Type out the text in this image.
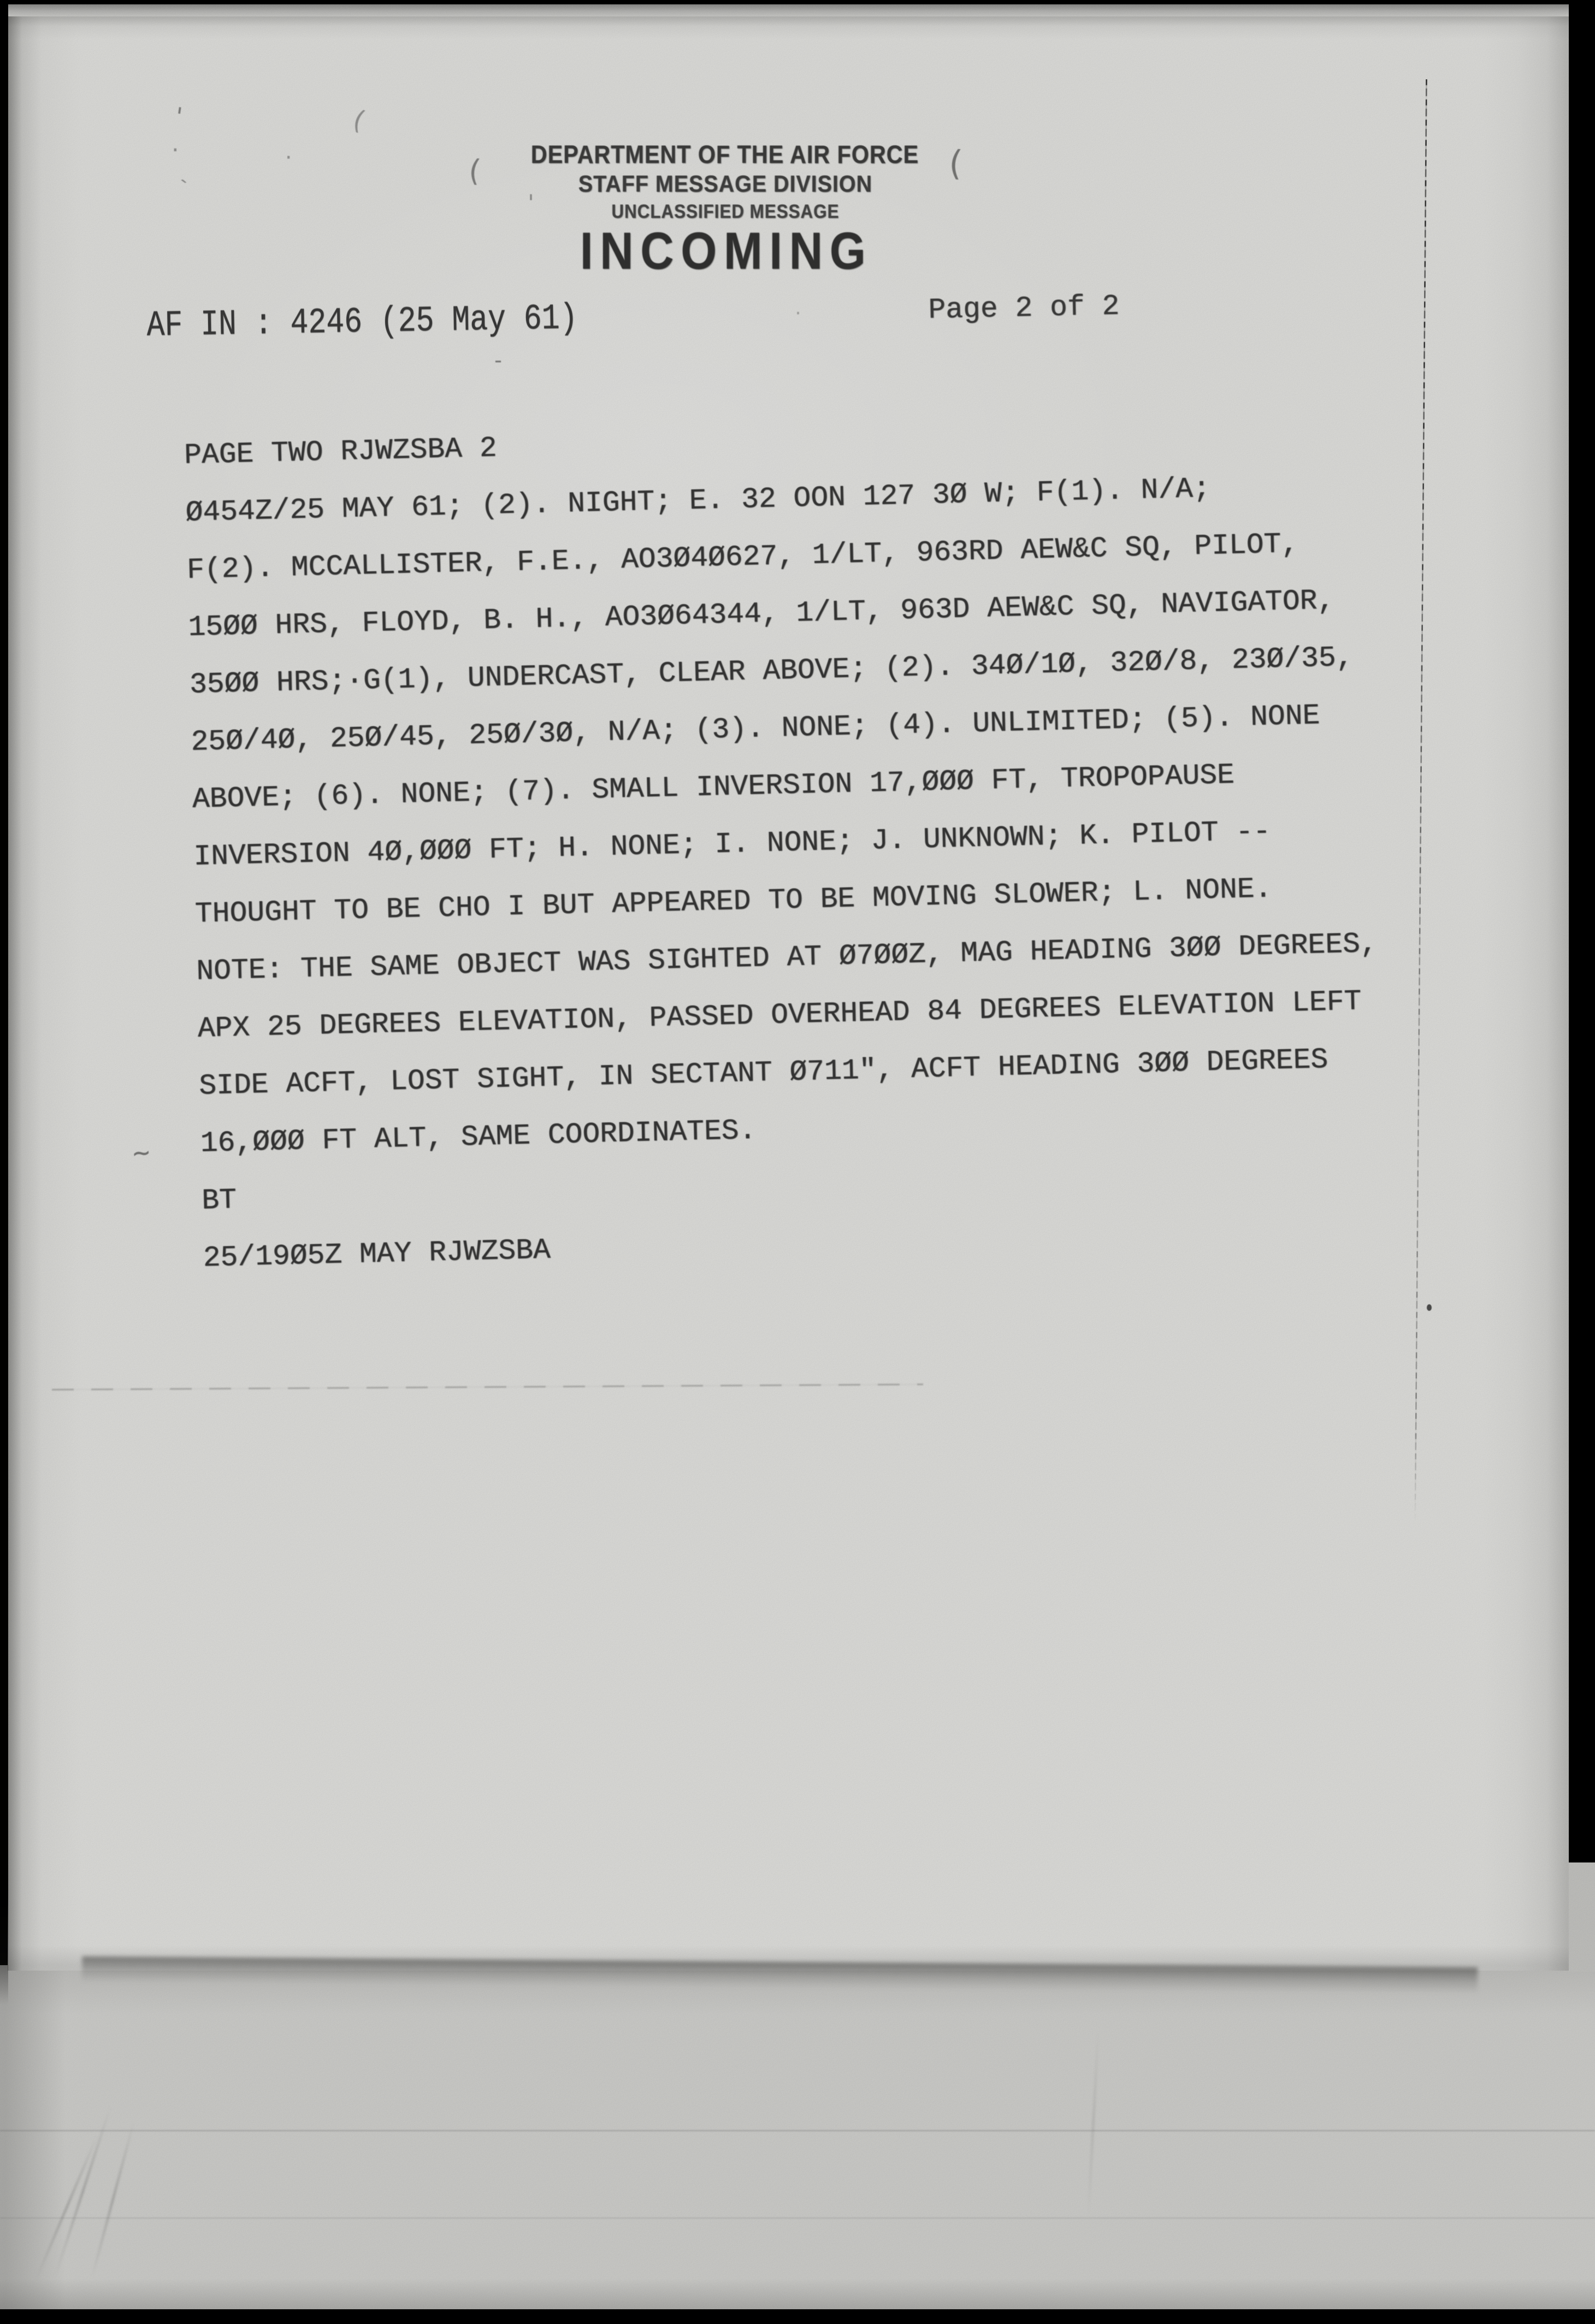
DEPARTMENT OF THE AIR FORCE
STAFF MESSAGE DIVISION
UNCLASSIFIED MESSAGE
INCOMING
AF IN : 4246 (25 May 61)	Page 2 of 2
PAGE TWO RJWZSBA 2
Ø454Z/25 MAY 61; (2). NIGHT; E. 32 OON 127 3Ø W; F(1). N/A;
F(2). MCCALLISTER, F.E., AO3Ø4Ø627, 1/LT, 963RD AEW&C SQ, PILOT,
15ØØ HRS, FLOYD, B. H., AO3Ø64344, 1/LT, 963D AEW&C SQ, NAVIGATOR,
35ØØ HRS;·G(1), UNDERCAST, CLEAR ABOVE; (2). 34Ø/1Ø, 32Ø/8, 23Ø/35,
25Ø/4Ø, 25Ø/45, 25Ø/3Ø, N/A; (3). NONE; (4). UNLIMITED; (5). NONE
ABOVE; (6). NONE; (7). SMALL INVERSION 17,ØØØ FT, TROPOPAUSE
INVERSION 4Ø,ØØØ FT; H. NONE; I. NONE; J. UNKNOWN; K. PILOT --
THOUGHT TO BE CHO I BUT APPEARED TO BE MOVING SLOWER; L. NONE.
NOTE: THE SAME OBJECT WAS SIGHTED AT Ø7ØØZ, MAG HEADING 3ØØ DEGREES,
APX 25 DEGREES ELEVATION, PASSED OVERHEAD 84 DEGREES ELEVATION LEFT
SIDE ACFT, LOST SIGHT, IN SECTANT Ø711", ACFT HEADING 3ØØ DEGREES
16,ØØØ FT ALT, SAME COORDINATES.
BT
25/19Ø5Z MAY RJWZSBA
'	(
·	·
`	(	(
'
-
·
~
